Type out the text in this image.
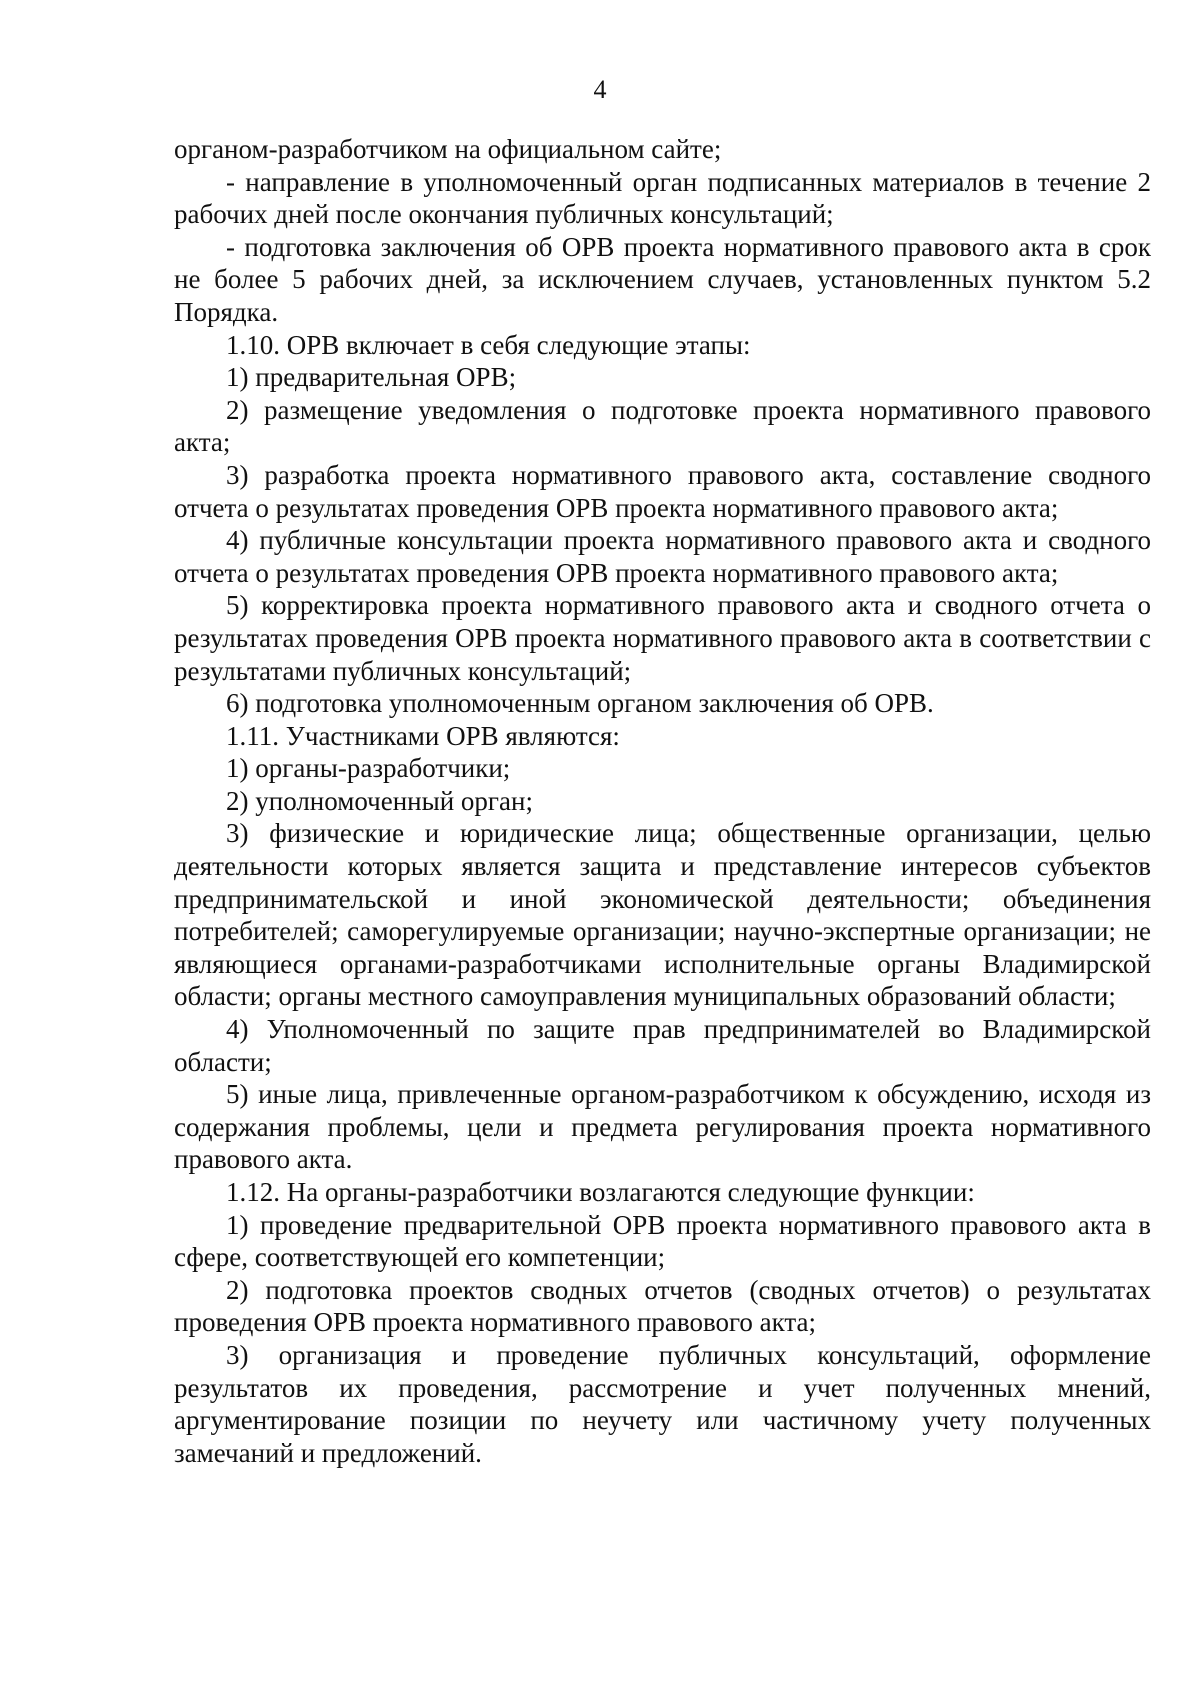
4

органом-разработчиком на официальном сайте;

- направление в уполномоченный орган подписанных материалов в течение 2 рабочих дней после окончания публичных консультаций;

- подготовка заключения об ОРВ проекта нормативного правового акта в срок не более 5 рабочих дней, за исключением случаев, установленных пунктом 5.2 Порядка.

1.10. ОРВ включает в себя следующие этапы:

1) предварительная ОРВ;

2) размещение уведомления о подготовке проекта нормативного правового акта;

3) разработка проекта нормативного правового акта, составление сводного отчета о результатах проведения ОРВ проекта нормативного правового акта;

4) публичные консультации проекта нормативного правового акта и сводного отчета о результатах проведения ОРВ проекта нормативного правового акта;

5) корректировка проекта нормативного правового акта и сводного отчета о результатах проведения ОРВ проекта нормативного правового акта в соответствии с результатами публичных консультаций;

6) подготовка уполномоченным органом заключения об ОРВ.

1.11. Участниками ОРВ являются:

1) органы-разработчики;

2) уполномоченный орган;

3) физические и юридические лица; общественные организации, целью деятельности которых является защита и представление интересов субъектов предпринимательской и иной экономической деятельности; объединения потребителей; саморегулируемые организации; научно-экспертные организации; не являющиеся органами-разработчиками исполнительные органы Владимирской области; органы местного самоуправления муниципальных образований области;

4) Уполномоченный по защите прав предпринимателей во Владимирской области;

5) иные лица, привлеченные органом-разработчиком к обсуждению, исходя из содержания проблемы, цели и предмета регулирования проекта нормативного правового акта.

1.12. На органы-разработчики возлагаются следующие функции:

1) проведение предварительной ОРВ проекта нормативного правового акта в сфере, соответствующей его компетенции;

2) подготовка проектов сводных отчетов (сводных отчетов) о результатах проведения ОРВ проекта нормативного правового акта;

3) организация и проведение публичных консультаций, оформление результатов их проведения, рассмотрение и учет полученных мнений, аргументирование позиции по неучету или частичному учету полученных замечаний и предложений.
